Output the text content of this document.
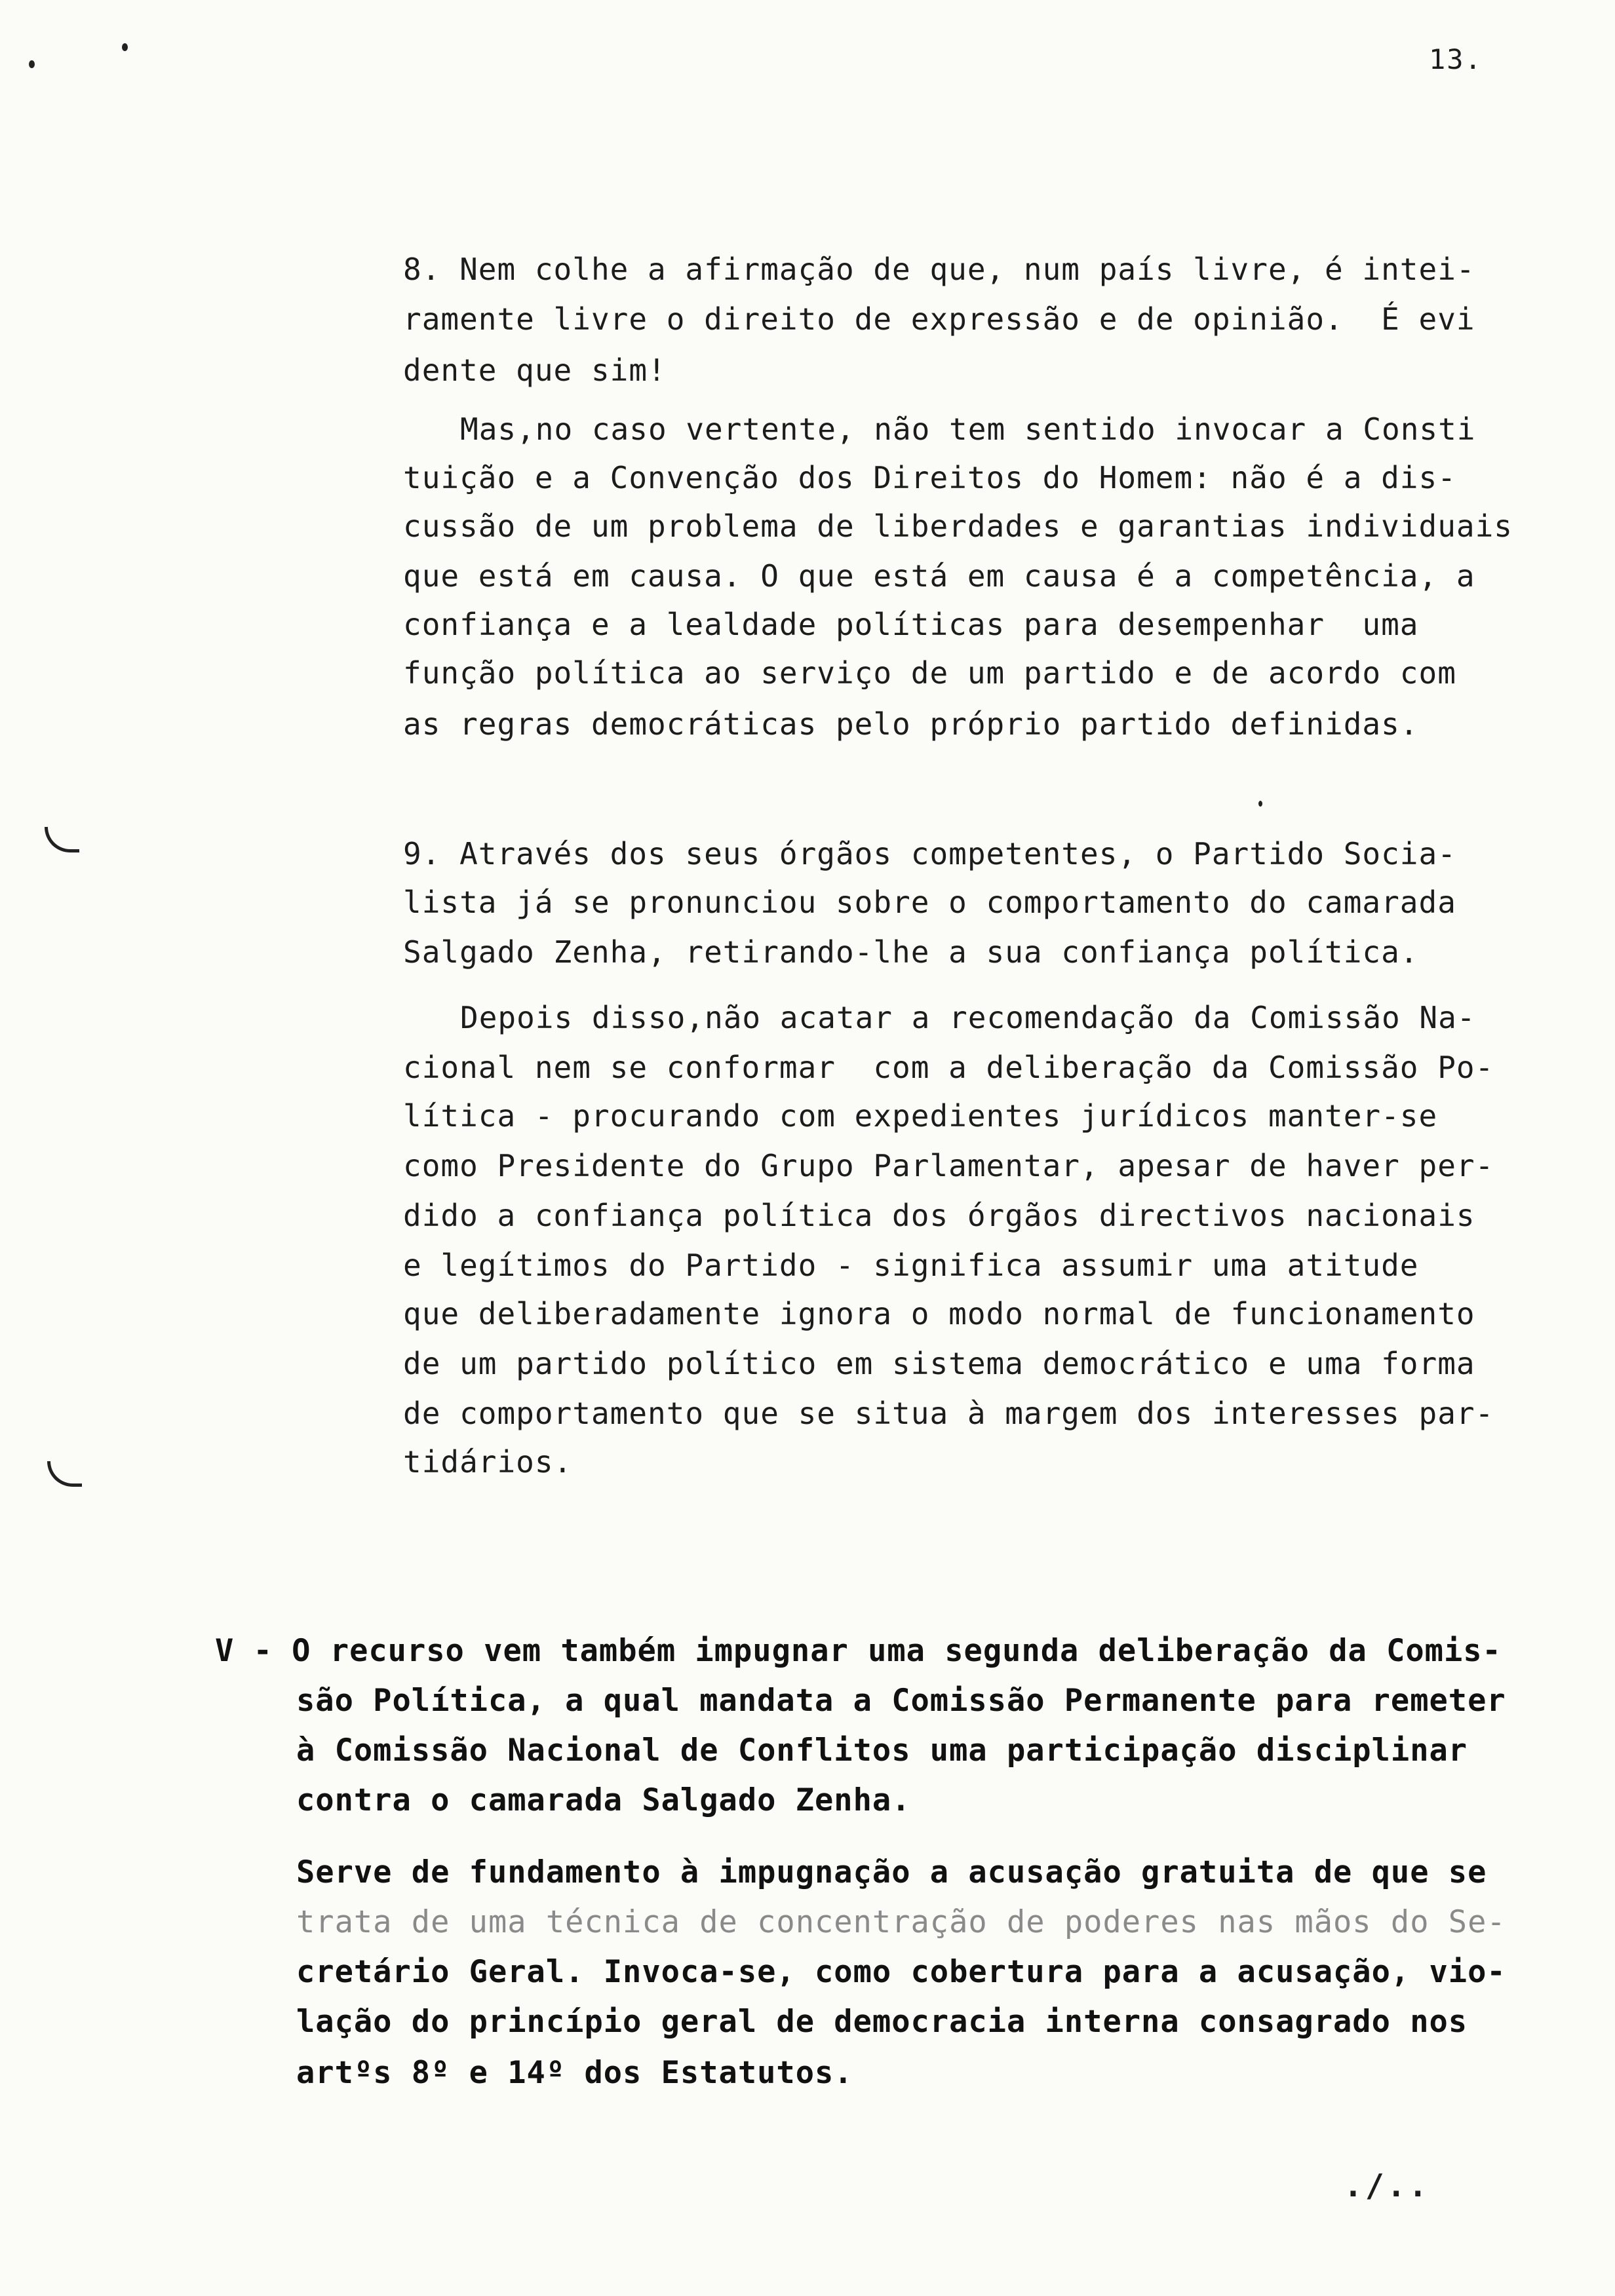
13.
8. Nem colhe a afirmação de que, num país livre, é intei-
ramente livre o direito de expressão e de opinião.  É evi
dente que sim!
Mas,no caso vertente, não tem sentido invocar a Consti
tuição e a Convenção dos Direitos do Homem: não é a dis-
cussão de um problema de liberdades e garantias individuais
que está em causa. O que está em causa é a competência, a
confiança e a lealdade políticas para desempenhar  uma
função política ao serviço de um partido e de acordo com
as regras democráticas pelo próprio partido definidas.
9. Através dos seus órgãos competentes, o Partido Socia-
lista já se pronunciou sobre o comportamento do camarada
Salgado Zenha, retirando-lhe a sua confiança política.
Depois disso,não acatar a recomendação da Comissão Na-
cional nem se conformar  com a deliberação da Comissão Po-
lítica - procurando com expedientes jurídicos manter-se
como Presidente do Grupo Parlamentar, apesar de haver per-
dido a confiança política dos órgãos directivos nacionais
e legítimos do Partido - significa assumir uma atitude
que deliberadamente ignora o modo normal de funcionamento
de um partido político em sistema democrático e uma forma
de comportamento que se situa à margem dos interesses par-
tidários.
V - O recurso vem também impugnar uma segunda deliberação da Comis-
são Política, a qual mandata a Comissão Permanente para remeter
à Comissão Nacional de Conflitos uma participação disciplinar
contra o camarada Salgado Zenha.
Serve de fundamento à impugnação a acusação gratuita de que se
trata de uma técnica de concentração de poderes nas mãos do Se-
cretário Geral. Invoca-se, como cobertura para a acusação, vio-
lação do princípio geral de democracia interna consagrado nos
artºs 8º e 14º dos Estatutos.
./..
